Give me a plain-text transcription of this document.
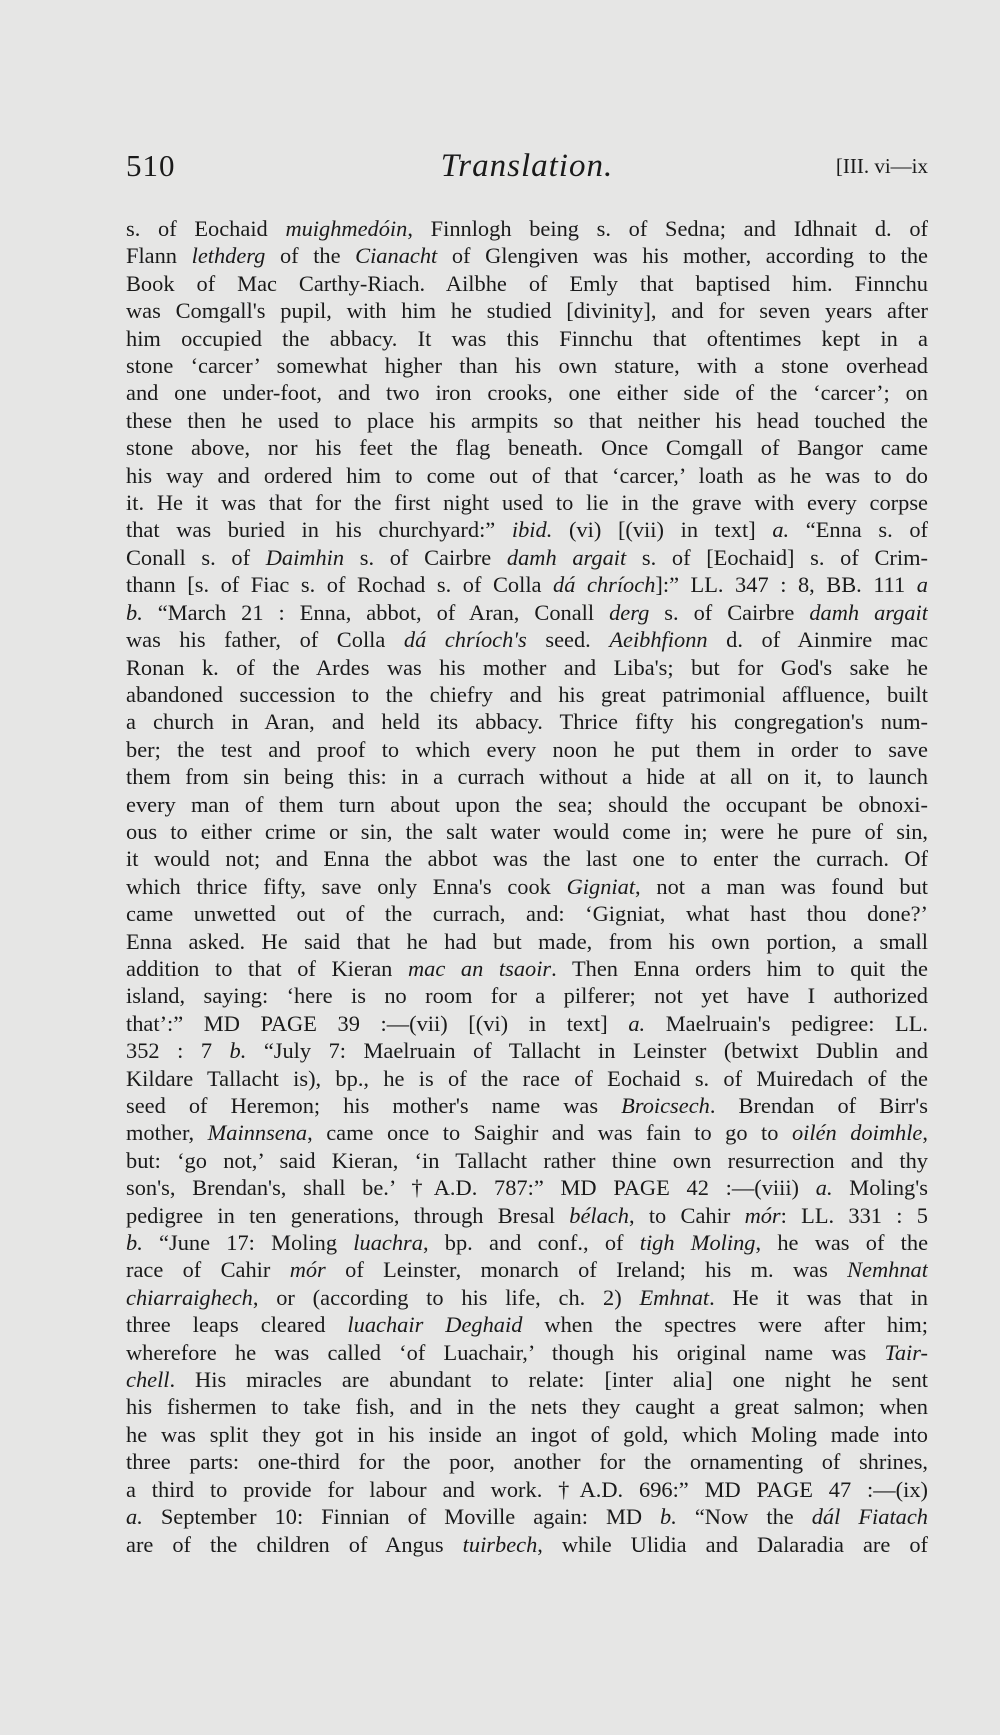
510	Translation.	[III. vi—ix
s. of Eochaid muighmedóin, Finnlogh being s. of Sedna; and Idhnait d. of
Flann lethderg of the Cianacht of Glengiven was his mother, according to the
Book of Mac Carthy-Riach. Ailbhe of Emly that baptised him. Finnchu
was Comgall's pupil, with him he studied [divinity], and for seven years after
him occupied the abbacy. It was this Finnchu that oftentimes kept in a
stone ‘carcer’ somewhat higher than his own stature, with a stone overhead
and one under-foot, and two iron crooks, one either side of the ‘carcer’; on
these then he used to place his armpits so that neither his head touched the
stone above, nor his feet the flag beneath. Once Comgall of Bangor came
his way and ordered him to come out of that ‘carcer,’ loath as he was to do
it. He it was that for the first night used to lie in the grave with every corpse
that was buried in his churchyard:” ibid. (vi) [(vii) in text] a. “Enna s. of
Conall s. of Daimhin s. of Cairbre damh argait s. of [Eochaid] s. of Crim-
thann [s. of Fiac s. of Rochad s. of Colla dá chríoch]:” LL. 347 : 8, BB. 111 a
b. “March 21 : Enna, abbot, of Aran, Conall derg s. of Cairbre damh argait
was his father, of Colla dá chríoch's seed. Aeibhfionn d. of Ainmire mac
Ronan k. of the Ardes was his mother and Liba's; but for God's sake he
abandoned succession to the chiefry and his great patrimonial affluence, built
a church in Aran, and held its abbacy. Thrice fifty his congregation's num-
ber; the test and proof to which every noon he put them in order to save
them from sin being this: in a currach without a hide at all on it, to launch
every man of them turn about upon the sea; should the occupant be obnoxi-
ous to either crime or sin, the salt water would come in; were he pure of sin,
it would not; and Enna the abbot was the last one to enter the currach. Of
which thrice fifty, save only Enna's cook Gigniat, not a man was found but
came unwetted out of the currach, and: ‘Gigniat, what hast thou done?’
Enna asked. He said that he had but made, from his own portion, a small
addition to that of Kieran mac an tsaoir. Then Enna orders him to quit the
island, saying: ‘here is no room for a pilferer; not yet have I authorized
that’:” MD PAGE 39 :—(vii) [(vi) in text] a. Maelruain's pedigree: LL.
352 : 7 b. “July 7: Maelruain of Tallacht in Leinster (betwixt Dublin and
Kildare Tallacht is), bp., he is of the race of Eochaid s. of Muiredach of the
seed of Heremon; his mother's name was Broicsech. Brendan of Birr's
mother, Mainnsena, came once to Saighir and was fain to go to oilén doimhle,
but: ‘go not,’ said Kieran, ‘in Tallacht rather thine own resurrection and thy
son's, Brendan's, shall be.’ †A.D. 787:” MD PAGE 42 :—(viii) a. Moling's
pedigree in ten generations, through Bresal bélach, to Cahir mór: LL. 331 : 5
b. “June 17: Moling luachra, bp. and conf., of tigh Moling, he was of the
race of Cahir mór of Leinster, monarch of Ireland; his m. was Nemhnat
chiarraighech, or (according to his life, ch. 2) Emhnat. He it was that in
three leaps cleared luachair Deghaid when the spectres were after him;
wherefore he was called ‘of Luachair,’ though his original name was Tair-
chell. His miracles are abundant to relate: [inter alia] one night he sent
his fishermen to take fish, and in the nets they caught a great salmon; when
he was split they got in his inside an ingot of gold, which Moling made into
three parts: one-third for the poor, another for the ornamenting of shrines,
a third to provide for labour and work. †A.D. 696:” MD PAGE 47 :—(ix)
a. September 10: Finnian of Moville again: MD b. “Now the dál Fiatach
are of the children of Angus tuirbech, while Ulidia and Dalaradia are of
